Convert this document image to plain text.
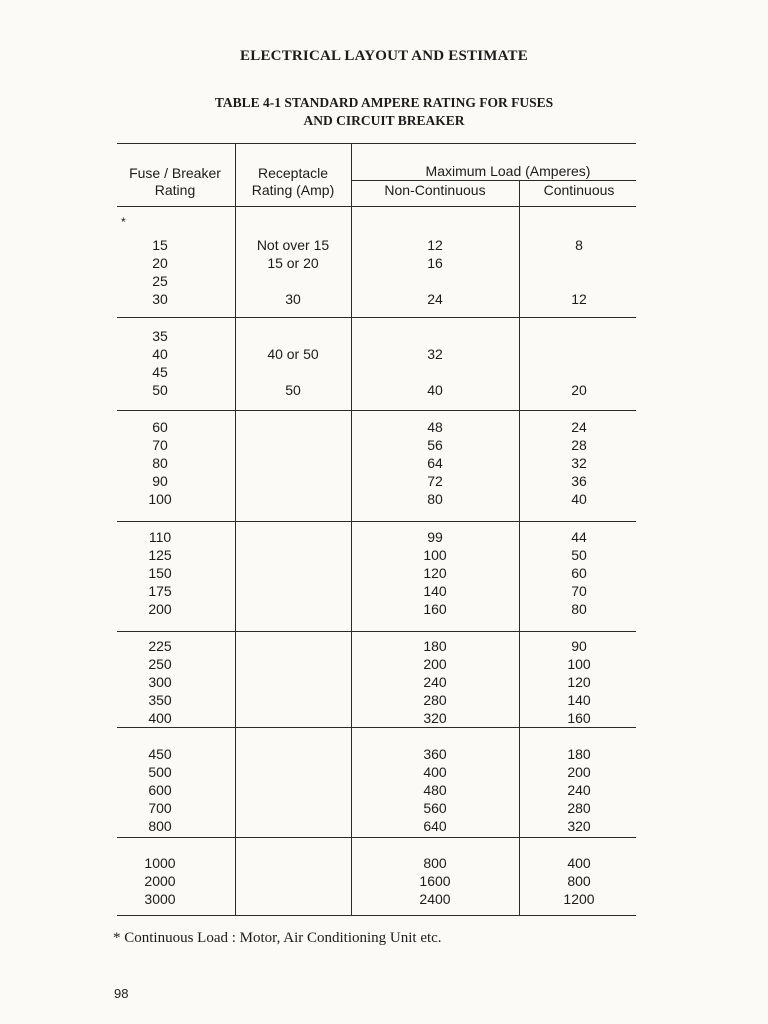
ELECTRICAL LAYOUT AND ESTIMATE
TABLE 4-1 STANDARD AMPERE RATING FOR FUSES
AND CIRCUIT BREAKER
Fuse / Breaker
Rating
Receptacle
Rating (Amp)
Maximum Load (Amperes)
Non-Continuous	Continuous
*
15
20
25
30
Not over 15
15 or 20
30
12
16
24
8
12
35
40
45
50
40 or 50
50
32
40	20
60
70
80
90
100
48
56
64
72
80
24
28
32
36
40
110
125
150
175
200
99
100
120
140
160
44
50
60
70
80
225
250
300
350
400
180
200
240
280
320
90
100
120
140
160
450
500
600
700
800
360
400
480
560
640
180
200
240
280
320
1000
2000
3000
800
1600
2400
400
800
1200
* Continuous Load : Motor, Air Conditioning Unit etc.
98
